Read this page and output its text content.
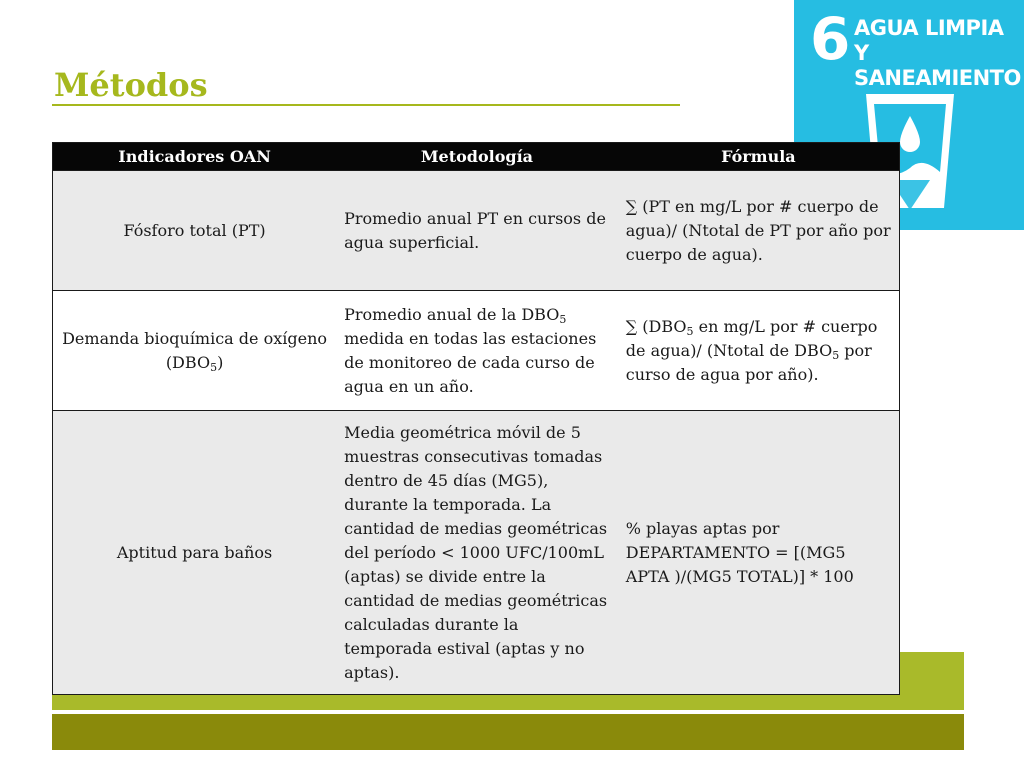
6 AGUA LIMPIA
Y SANEAMIENTO
Métodos
Indicadores OAN	Metodología	Fórmula
Fósforo total (PT)	Promedio anual PT en cursos de agua superficial.	∑ (PT en mg/L por # cuerpo de agua)/ (Ntotal de PT por año por cuerpo de agua).
Demanda bioquímica de oxígeno $(DBO_5)$	Promedio anual de la $DBO_5$ medida en todas las estaciones de monitoreo de cada curso de agua en un año.	∑ ($DBO_5$ en mg/L por # cuerpo de agua)/ (Ntotal de $DBO_5$ por curso de agua por año).
Aptitud para baños	Media geométrica móvil de 5 muestras consecutivas tomadas dentro de 45 días (MG5), durante la temporada. La cantidad de medias geométricas del período < 1000 UFC/100mL (aptas) se divide entre la cantidad de medias geométricas calculadas durante la temporada estival (aptas y no aptas).	% playas aptas por DEPARTAMENTO = [(MG5 APTA )/(MG5 TOTAL)] * 100
